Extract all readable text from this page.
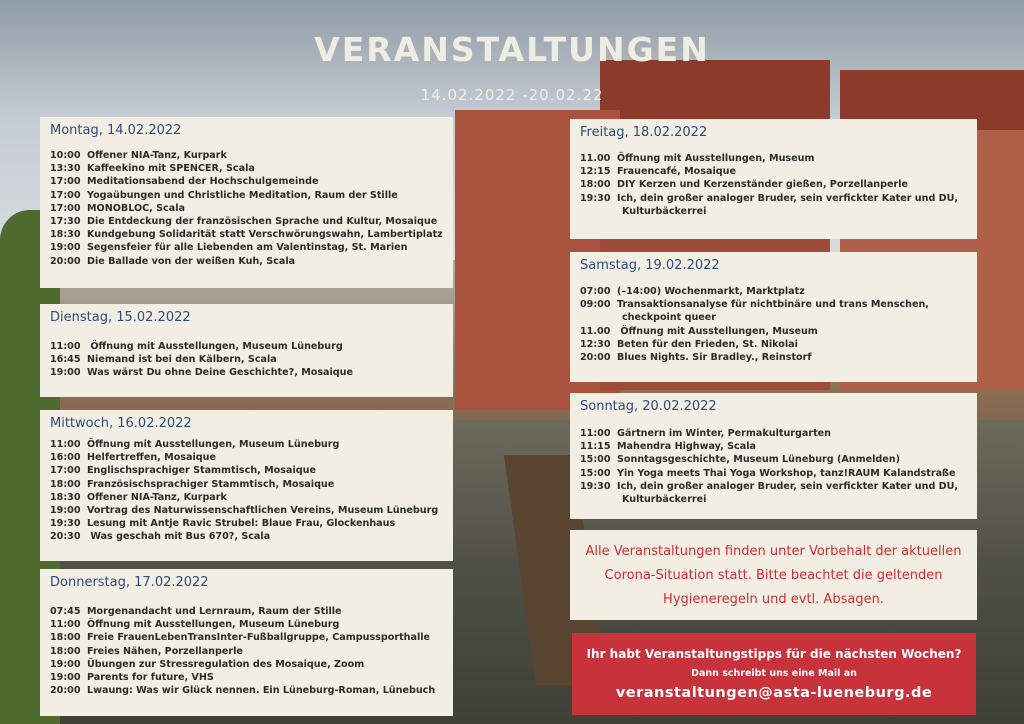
VERANSTALTUNGEN
14.02.2022 -20.02.22
Montag, 14.02.2022
10:00 Offener NIA-Tanz, Kurpark
13:30 Kaffeekino mit SPENCER, Scala
17:00 Meditationsabend der Hochschulgemeinde
17:00 Yogaübungen und Christliche Meditation, Raum der Stille
17:00 MONOBLOC, Scala
17:30 Die Entdeckung der französischen Sprache und Kultur, Mosaique
18:30 Kundgebung Solidarität statt Verschwörungswahn, Lambertiplatz
19:00 Segensfeier für alle Liebenden am Valentinstag, St. Marien
20:00 Die Ballade von der weißen Kuh, Scala
Dienstag, 15.02.2022
11:00 Öffnung mit Ausstellungen, Museum Lüneburg
16:45 Niemand ist bei den Kälbern, Scala
19:00 Was wärst Du ohne Deine Geschichte?, Mosaique
Mittwoch, 16.02.2022
11:00 Öffnung mit Ausstellungen, Museum Lüneburg
16:00 Helfertreffen, Mosaique
17:00 Englischsprachiger Stammtisch, Mosaique
18:00 Französischsprachiger Stammtisch, Mosaique
18:30 Offener NIA-Tanz, Kurpark
19:00 Vortrag des Naturwissenschaftlichen Vereins, Museum Lüneburg
19:30 Lesung mit Antje Ravic Strubel: Blaue Frau, Glockenhaus
20:30 Was geschah mit Bus 670?, Scala
Donnerstag, 17.02.2022
07:45 Morgenandacht und Lernraum, Raum der Stille
11:00 Öffnung mit Ausstellungen, Museum Lüneburg
18:00 Freie FrauenLebenTransInter-Fußballgruppe, Campussporthalle
18:00 Freies Nähen, Porzellanperle
19:00 Übungen zur Stressregulation des Mosaique, Zoom
19:00 Parents for future, VHS
20:00 Lwaung: Was wir Glück nennen. Ein Lüneburg-Roman, Lünebuch
Freitag, 18.02.2022
11.00 Öffnung mit Ausstellungen, Museum
12:15 Frauencafé, Mosaique
18:00 DIY Kerzen und Kerzenständer gießen, Porzellanperle
19:30 Ich, dein großer analoger Bruder, sein verfickter Kater und DU,
Kulturbäckerrei
Samstag, 19.02.2022
07:00 (–14:00) Wochenmarkt, Marktplatz
09:00 Transaktionsanalyse für nichtbinäre und trans Menschen,
checkpoint queer
11.00 Öffnung mit Ausstellungen, Museum
12:30 Beten für den Frieden, St. Nikolai
20:00 Blues Nights. Sir Bradley., Reinstorf
Sonntag, 20.02.2022
11:00 Gärtnern im Winter, Permakulturgarten
11:15 Mahendra Highway, Scala
15:00 Sonntagsgeschichte, Museum Lüneburg (Anmelden)
15:00 Yin Yoga meets Thai Yoga Workshop, tanz!RAUM Kalandstraße
19:30 Ich, dein großer analoger Bruder, sein verfickter Kater und DU,
Kulturbäckerrei

Alle Veranstaltungen finden unter Vorbehalt der aktuellen Corona-Situation statt. Bitte beachtet die geltenden Hygieneregeln und evtl. Absagen.

Ihr habt Veranstaltungstipps für die nächsten Wochen?
Dann schreibt uns eine Mail an
veranstaltungen@asta-lueneburg.de
